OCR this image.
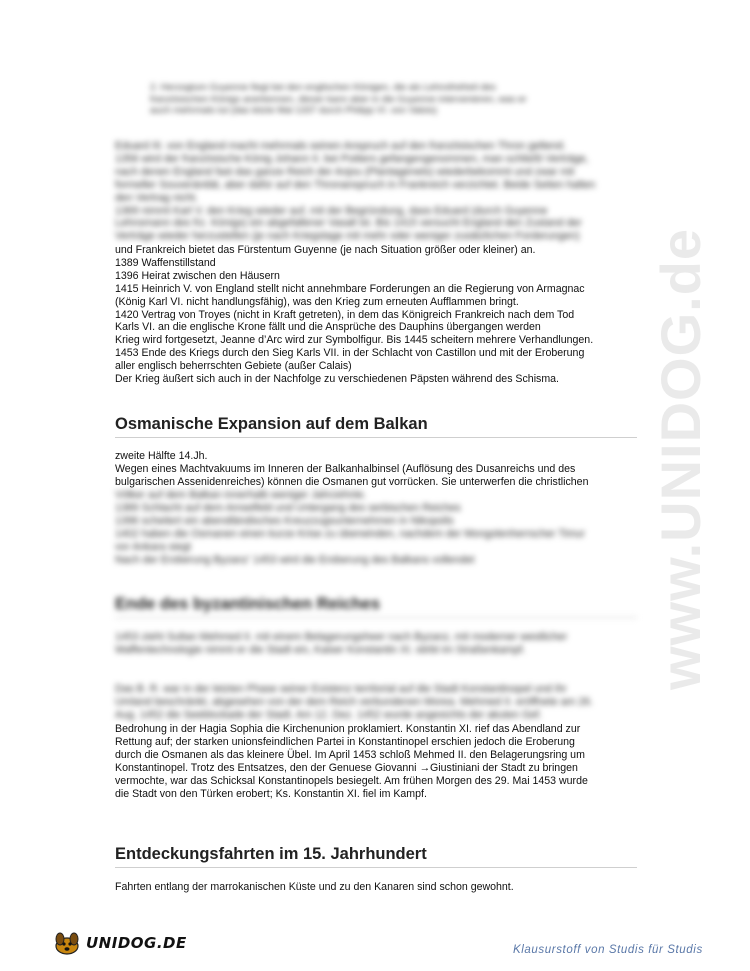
www.UNIDOG.de
2. Herzogtum Guyenne fiegt bei den englischen Königen, die als Lehnsfreiheit des
französischen Königs anerkennen, dieser kann aber in die Guyenne intervenieren, was er
auch mehrmals tut (das letzte Mal 1337 durch Philipp VI. von Valois)
Eduard III. von England macht mehrmals seinen Anspruch auf den französischen Thron geltend.
1356 wird der französische König Johann II. bei Poitiers gefangengenommen, man schließt Verträge,
nach denen England fast das ganze Reich der Anjou (Plantagenets) wiederbekommt und zwar mit
formeller Souveränität, aber dafür auf den Thronanspruch in Frankreich verzichtet. Beide Seiten halten
den Vertrag nicht.
1369 nimmt Karl V. den Krieg wieder auf, mit der Begründung, dass Eduard (durch Guyenne
Lehnsmann des frz. Königs) ein abgefallener Vasall ist. Bis 1415 versucht England den Zustand der
Verträge wieder herzustellen (je nach Kriegslage mit mehr oder weniger zusätzlichen Forderungen)
und Frankreich bietet das Fürstentum Guyenne (je nach Situation größer oder kleiner) an.
1389 Waffenstillstand
1396 Heirat zwischen den Häusern
1415 Heinrich V. von England stellt nicht annehmbare Forderungen an die Regierung von Armagnac
(König Karl VI. nicht handlungsfähig), was den Krieg zum erneuten Aufflammen bringt.
1420 Vertrag von Troyes (nicht in Kraft getreten), in dem das Königreich Frankreich nach dem Tod
Karls VI. an die englische Krone fällt und die Ansprüche des Dauphins übergangen werden
Krieg wird fortgesetzt, Jeanne d’Arc wird zur Symbolfigur. Bis 1445 scheitern mehrere Verhandlungen.
1453 Ende des Kriegs durch den Sieg Karls VII. in der Schlacht von Castillon und mit der Eroberung
aller englisch beherrschten Gebiete (außer Calais)
Der Krieg äußert sich auch in der Nachfolge zu verschiedenen Päpsten während des Schisma.
Osmanische Expansion auf dem Balkan
zweite Hälfte 14.Jh.
Wegen eines Machtvakuums im Inneren der Balkanhalbinsel (Auflösung des Dusanreichs und des
bulgarischen Assenidenreiches) können die Osmanen gut vorrücken. Sie unterwerfen die christlichen
Völker auf dem Balkan innerhalb weniger Jahrzehnte.
1389 Schlacht auf dem Amselfeld und Untergang des serbischen Reiches
1396 scheitert ein abendländisches Kreuzzugsunternehmen in Nikopolis
1402 haben die Osmanen einen kurze Krise zu überwinden, nachdem der Mongolenherrscher Timur
vor Ankara siegt
Nach der Eroberung Byzanz’ 1453 wird die Eroberung des Balkans vollendet
Ende des byzantinischen Reiches
1453 zieht Sultan Mehmed II. mit einem Belagerungsheer nach Byzanz, mit moderner westlicher
Waffentechnologie nimmt er die Stadt ein, Kaiser Konstantin XI. stirbt im Straßenkampf.
Das B. R. war in der letzten Phase seiner Existenz territorial auf die Stadt Konstantinopel und ihr
Umland beschränkt, abgesehen von der dem Reich verbundenen Morea. Mehmed II. eröffnete am 26.
Aug. 1452 die Seeblockade der Stadt. Am 12. Dez. 1452 wurde angesichts der akuten Gef.
Bedrohung in der Hagia Sophia die Kirchenunion proklamiert. Konstantin XI. rief das Abendland zur
Rettung auf; der starken unionsfeindlichen Partei in Konstantinopel erschien jedoch die Eroberung
durch die Osmanen als das kleinere Übel. Im April 1453 schloß Mehmed II. den Belagerungsring um
Konstantinopel. Trotz des Entsatzes, den der Genuese Giovanni →Giustiniani der Stadt zu bringen
vermochte, war das Schicksal Konstantinopels besiegelt. Am frühen Morgen des 29. Mai 1453 wurde
die Stadt von den Türken erobert; Ks. Konstantin XI. fiel im Kampf.
Entdeckungsfahrten im 15. Jahrhundert
Fahrten entlang der marrokanischen Küste und zu den Kanaren sind schon gewohnt.
UNIDOG.DE	Klausurstoff von Studis für Studis
